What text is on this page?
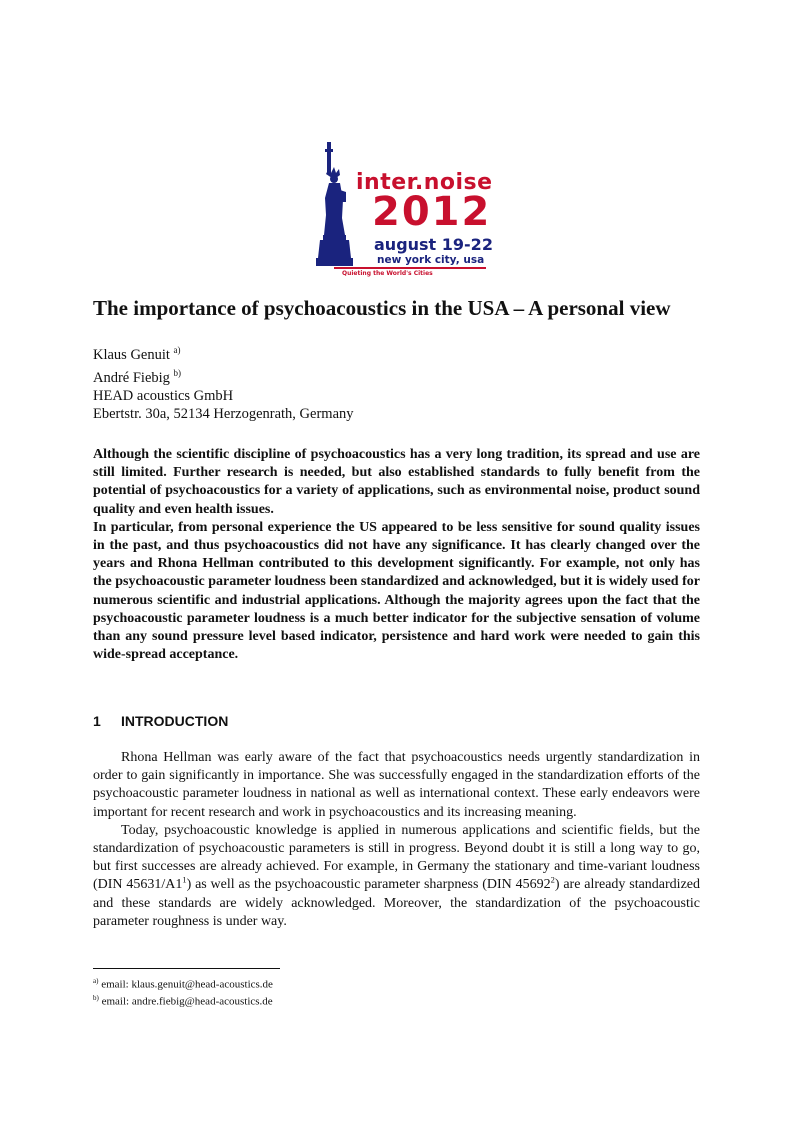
inter.noise
2012
august 19-22
new york city, usa
Quieting the World's Cities
The importance of psychoacoustics in the USA – A personal view
Klaus Genuit $^{a)}$
André Fiebig $^{b)}$
HEAD acoustics GmbH
Ebertstr. 30a, 52134 Herzogenrath, Germany

Although the scientific discipline of psychoacoustics has a very long tradition, its spread and use are still limited. Further research is needed, but also established standards to fully benefit from the potential of psychoacoustics for a variety of applications, such as environmental noise, product sound quality and even health issues.

In particular, from personal experience the US appeared to be less sensitive for sound quality issues in the past, and thus psychoacoustics did not have any significance. It has clearly changed over the years and Rhona Hellman contributed to this development significantly. For example, not only has the psychoacoustic parameter loudness been standardized and acknowledged, but it is widely used for numerous scientific and industrial applications. Although the majority agrees upon the fact that the psychoacoustic parameter loudness is a much better indicator for the subjective sensation of volume than any sound pressure level based indicator, persistence and hard work were needed to gain this wide-spread acceptance.

1 INTRODUCTION

Rhona Hellman was early aware of the fact that psychoacoustics needs urgently standardization in order to gain significantly in importance. She was successfully engaged in the standardization efforts of the psychoacoustic parameter loudness in national as well as international context. These early endeavors were important for recent research and work in psychoacoustics and its increasing meaning.

Today, psychoacoustic knowledge is applied in numerous applications and scientific fields, but the standardization of psychoacoustic parameters is still in progress. Beyond doubt it is still a long way to go, but first successes are already achieved. For example, in Germany the stationary and time-variant loudness (DIN $45631/A1^1$) as well as the psychoacoustic parameter sharpness (DIN 45692$^2$) are already standardized and these standards are widely acknowledged. Moreover, the standardization of the psychoacoustic parameter roughness is under way.

$^{a)}$ email: klaus.genuit@head-acoustics.de
$^{b)}$ email: andre.fiebig@head-acoustics.de
